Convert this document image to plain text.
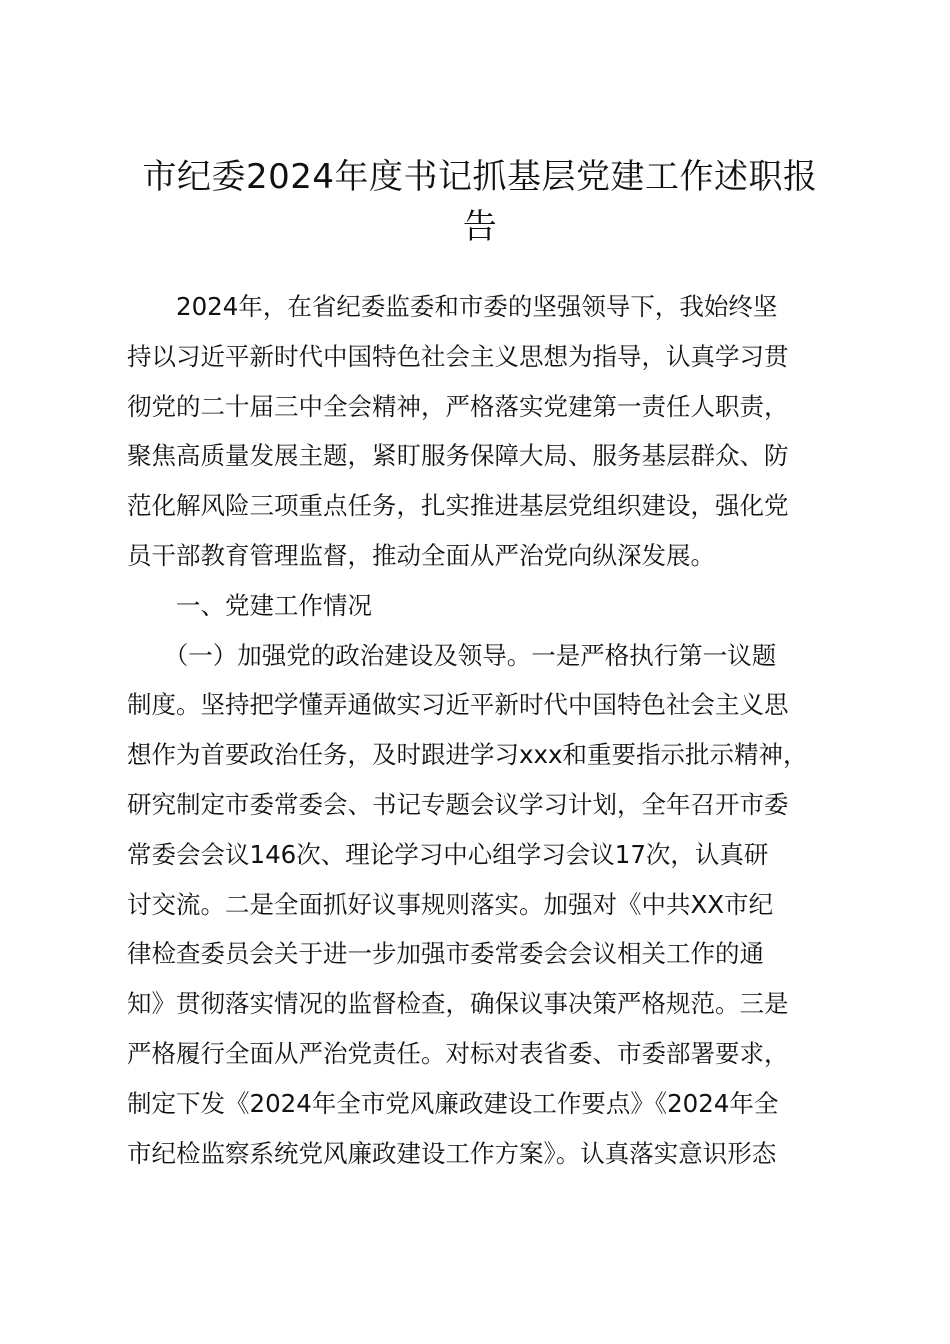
市纪委2024年度书记抓基层党建工作述职报
告
　　2024年，在省纪委监委和市委的坚强领导下，我始终坚
持以习近平新时代中国特色社会主义思想为指导，认真学习贯
彻党的二十届三中全会精神，严格落实党建第一责任人职责，
聚焦高质量发展主题，紧盯服务保障大局、服务基层群众、防
范化解风险三项重点任务，扎实推进基层党组织建设，强化党
员干部教育管理监督，推动全面从严治党向纵深发展。
　　一、党建工作情况
　　（一）加强党的政治建设及领导。一是严格执行第一议题
制度。坚持把学懂弄通做实习近平新时代中国特色社会主义思
想作为首要政治任务，及时跟进学习xxx和重要指示批示精神，
研究制定市委常委会、书记专题会议学习计划，全年召开市委
常委会会议146次、理论学习中心组学习会议17次，认真研
讨交流。二是全面抓好议事规则落实。加强对《中共XX市纪
律检查委员会关于进一步加强市委常委会会议相关工作的通
知》贯彻落实情况的监督检查，确保议事决策严格规范。三是
严格履行全面从严治党责任。对标对表省委、市委部署要求，
制定下发《2024年全市党风廉政建设工作要点》《2024年全
市纪检监察系统党风廉政建设工作方案》。认真落实意识形态
